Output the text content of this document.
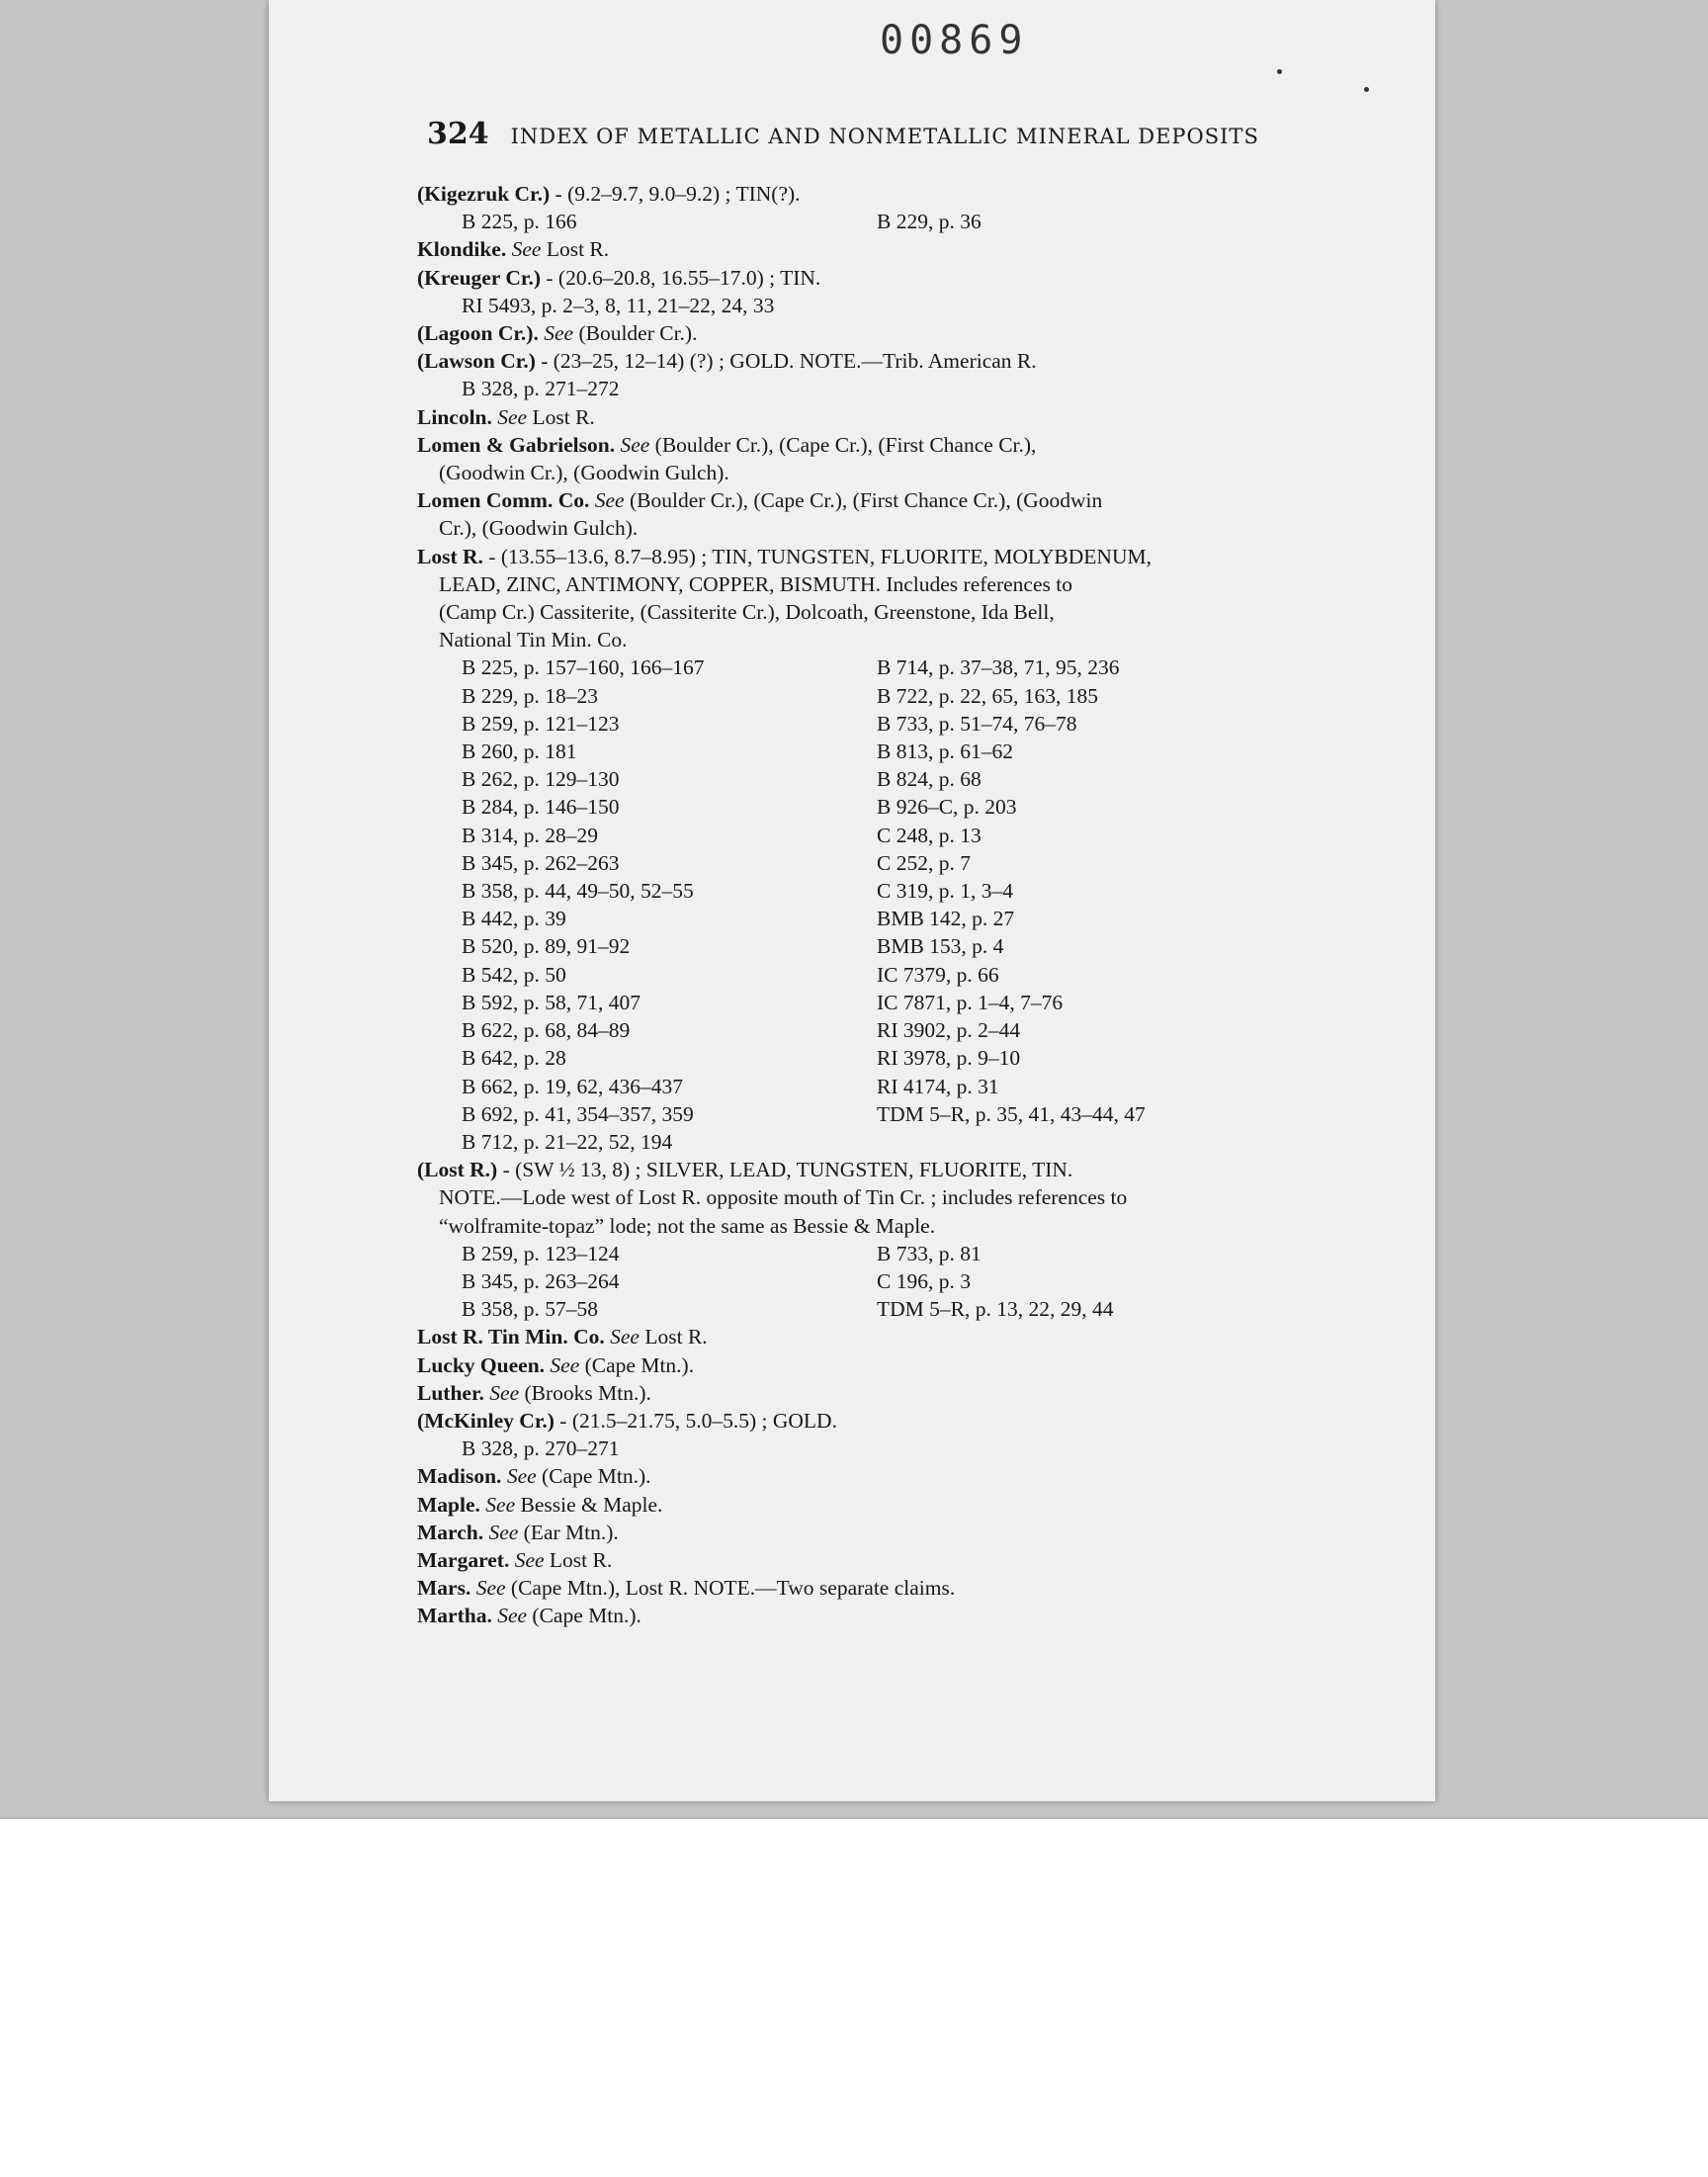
00869
324 INDEX OF METALLIC AND NONMETALLIC MINERAL DEPOSITS

(Kigezruk Cr.) - (9.2–9.7, 9.0–9.2) ; TIN(?).

B 225, p. 166	B 229, p. 36

Klondike. See Lost R.

(Kreuger Cr.) - (20.6–20.8, 16.55–17.0) ; TIN.

RI 5493, p. 2–3, 8, 11, 21–22, 24, 33

(Lagoon Cr.). See (Boulder Cr.).

(Lawson Cr.) - (23–25, 12–14) (?) ; GOLD. NOTE.—Trib. American R.

B 328, p. 271–272

Lincoln. See Lost R.

Lomen & Gabrielson. See (Boulder Cr.), (Cape Cr.), (First Chance Cr.),

(Goodwin Cr.), (Goodwin Gulch).

Lomen Comm. Co. See (Boulder Cr.), (Cape Cr.), (First Chance Cr.), (Goodwin

Cr.), (Goodwin Gulch).

Lost R. - (13.55–13.6, 8.7–8.95) ; TIN, TUNGSTEN, FLUORITE, MOLYBDENUM,

LEAD, ZINC, ANTIMONY, COPPER, BISMUTH. Includes references to

(Camp Cr.) Cassiterite, (Cassiterite Cr.), Dolcoath, Greenstone, Ida Bell,

National Tin Min. Co.

B 225, p. 157–160, 166–167	B 714, p. 37–38, 71, 95, 236
B 229, p. 18–23	B 722, p. 22, 65, 163, 185
B 259, p. 121–123	B 733, p. 51–74, 76–78
B 260, p. 181	B 813, p. 61–62
B 262, p. 129–130	B 824, p. 68
B 284, p. 146–150	B 926–C, p. 203
B 314, p. 28–29	C 248, p. 13
B 345, p. 262–263	C 252, p. 7
B 358, p. 44, 49–50, 52–55	C 319, p. 1, 3–4
B 442, p. 39	BMB 142, p. 27
B 520, p. 89, 91–92	BMB 153, p. 4
B 542, p. 50	IC 7379, p. 66
B 592, p. 58, 71, 407	IC 7871, p. 1–4, 7–76
B 622, p. 68, 84–89	RI 3902, p. 2–44
B 642, p. 28	RI 3978, p. 9–10
B 662, p. 19, 62, 436–437	RI 4174, p. 31
B 692, p. 41, 354–357, 359	TDM 5–R, p. 35, 41, 43–44, 47
B 712, p. 21–22, 52, 194

(Lost R.) - (SW ½ 13, 8) ; SILVER, LEAD, TUNGSTEN, FLUORITE, TIN.

NOTE.—Lode west of Lost R. opposite mouth of Tin Cr. ; includes references to

“wolframite-topaz” lode; not the same as Bessie & Maple.

B 259, p. 123–124	B 733, p. 81
B 345, p. 263–264	C 196, p. 3
B 358, p. 57–58	TDM 5–R, p. 13, 22, 29, 44

Lost R. Tin Min. Co. See Lost R.

Lucky Queen. See (Cape Mtn.).

Luther. See (Brooks Mtn.).

(McKinley Cr.) - (21.5–21.75, 5.0–5.5) ; GOLD.

B 328, p. 270–271

Madison. See (Cape Mtn.).

Maple. See Bessie & Maple.

March. See (Ear Mtn.).

Margaret. See Lost R.

Mars. See (Cape Mtn.), Lost R. NOTE.—Two separate claims.

Martha. See (Cape Mtn.).
